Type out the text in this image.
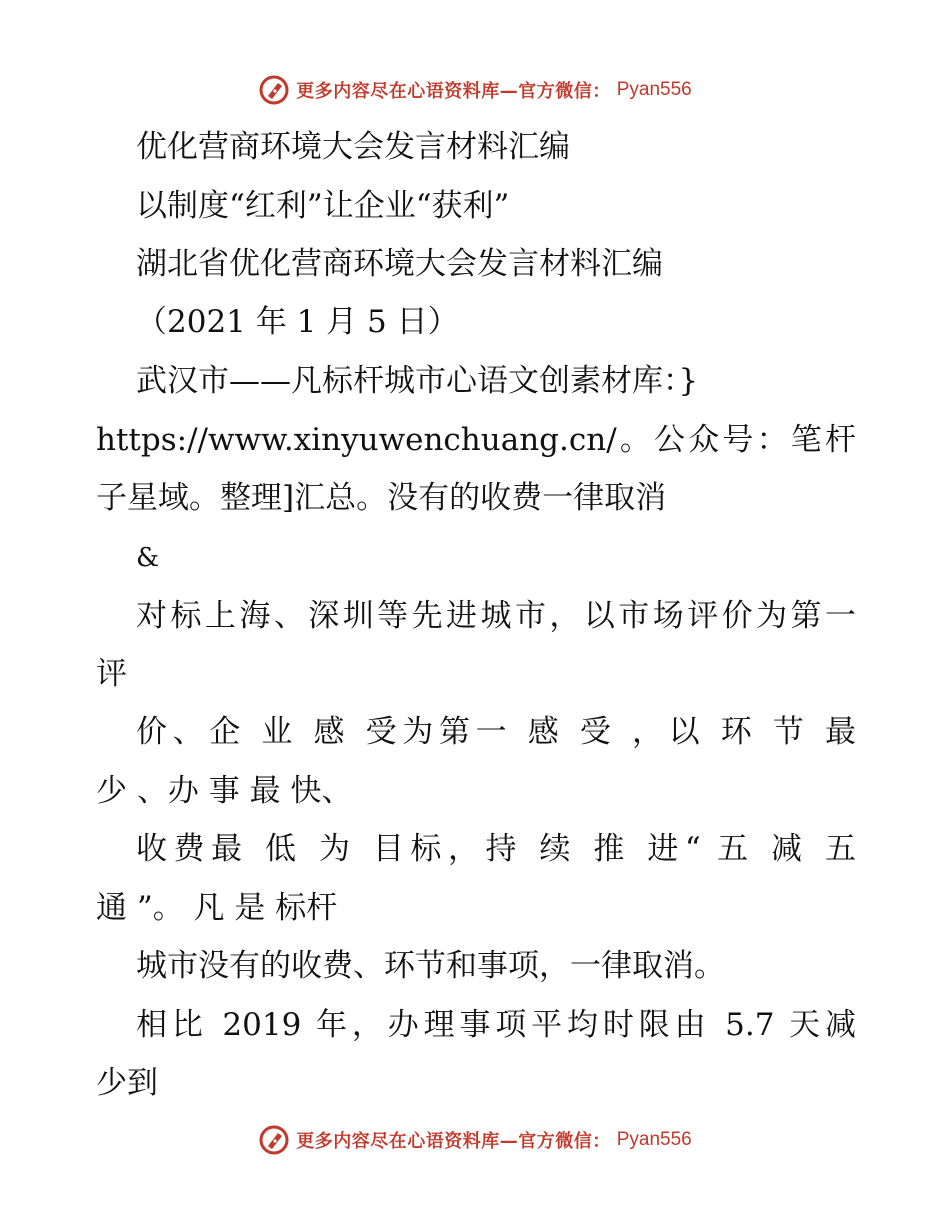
更多内容尽在心语资料库—官方微信： Pyan556
优化营商环境大会发言材料汇编
以制度“红利”让企业“获利”
湖北省优化营商环境大会发言材料汇编
（2021 年 1 月 5 日）
武汉市——凡标杆城市心语文创素材库：}
https://www.xinyuwenchuang.cn/。公众号：笔杆
子星域。整理]汇总。没有的收费一律取消
&
对标上海、深圳等先进城市，以市场评价为第一
评
价、企 业 感 受为第一 感 受 ，以 环 节 最
少 、办 事 最 快、
收费最 低 为 目标，持 续 推 进“ 五 减 五
通 ”。 凡 是 标杆
城市没有的收费、环节和事项，一律取消。
相比 2019 年，办理事项平均时限由 5.7 天减
少到
更多内容尽在心语资料库—官方微信： Pyan556
